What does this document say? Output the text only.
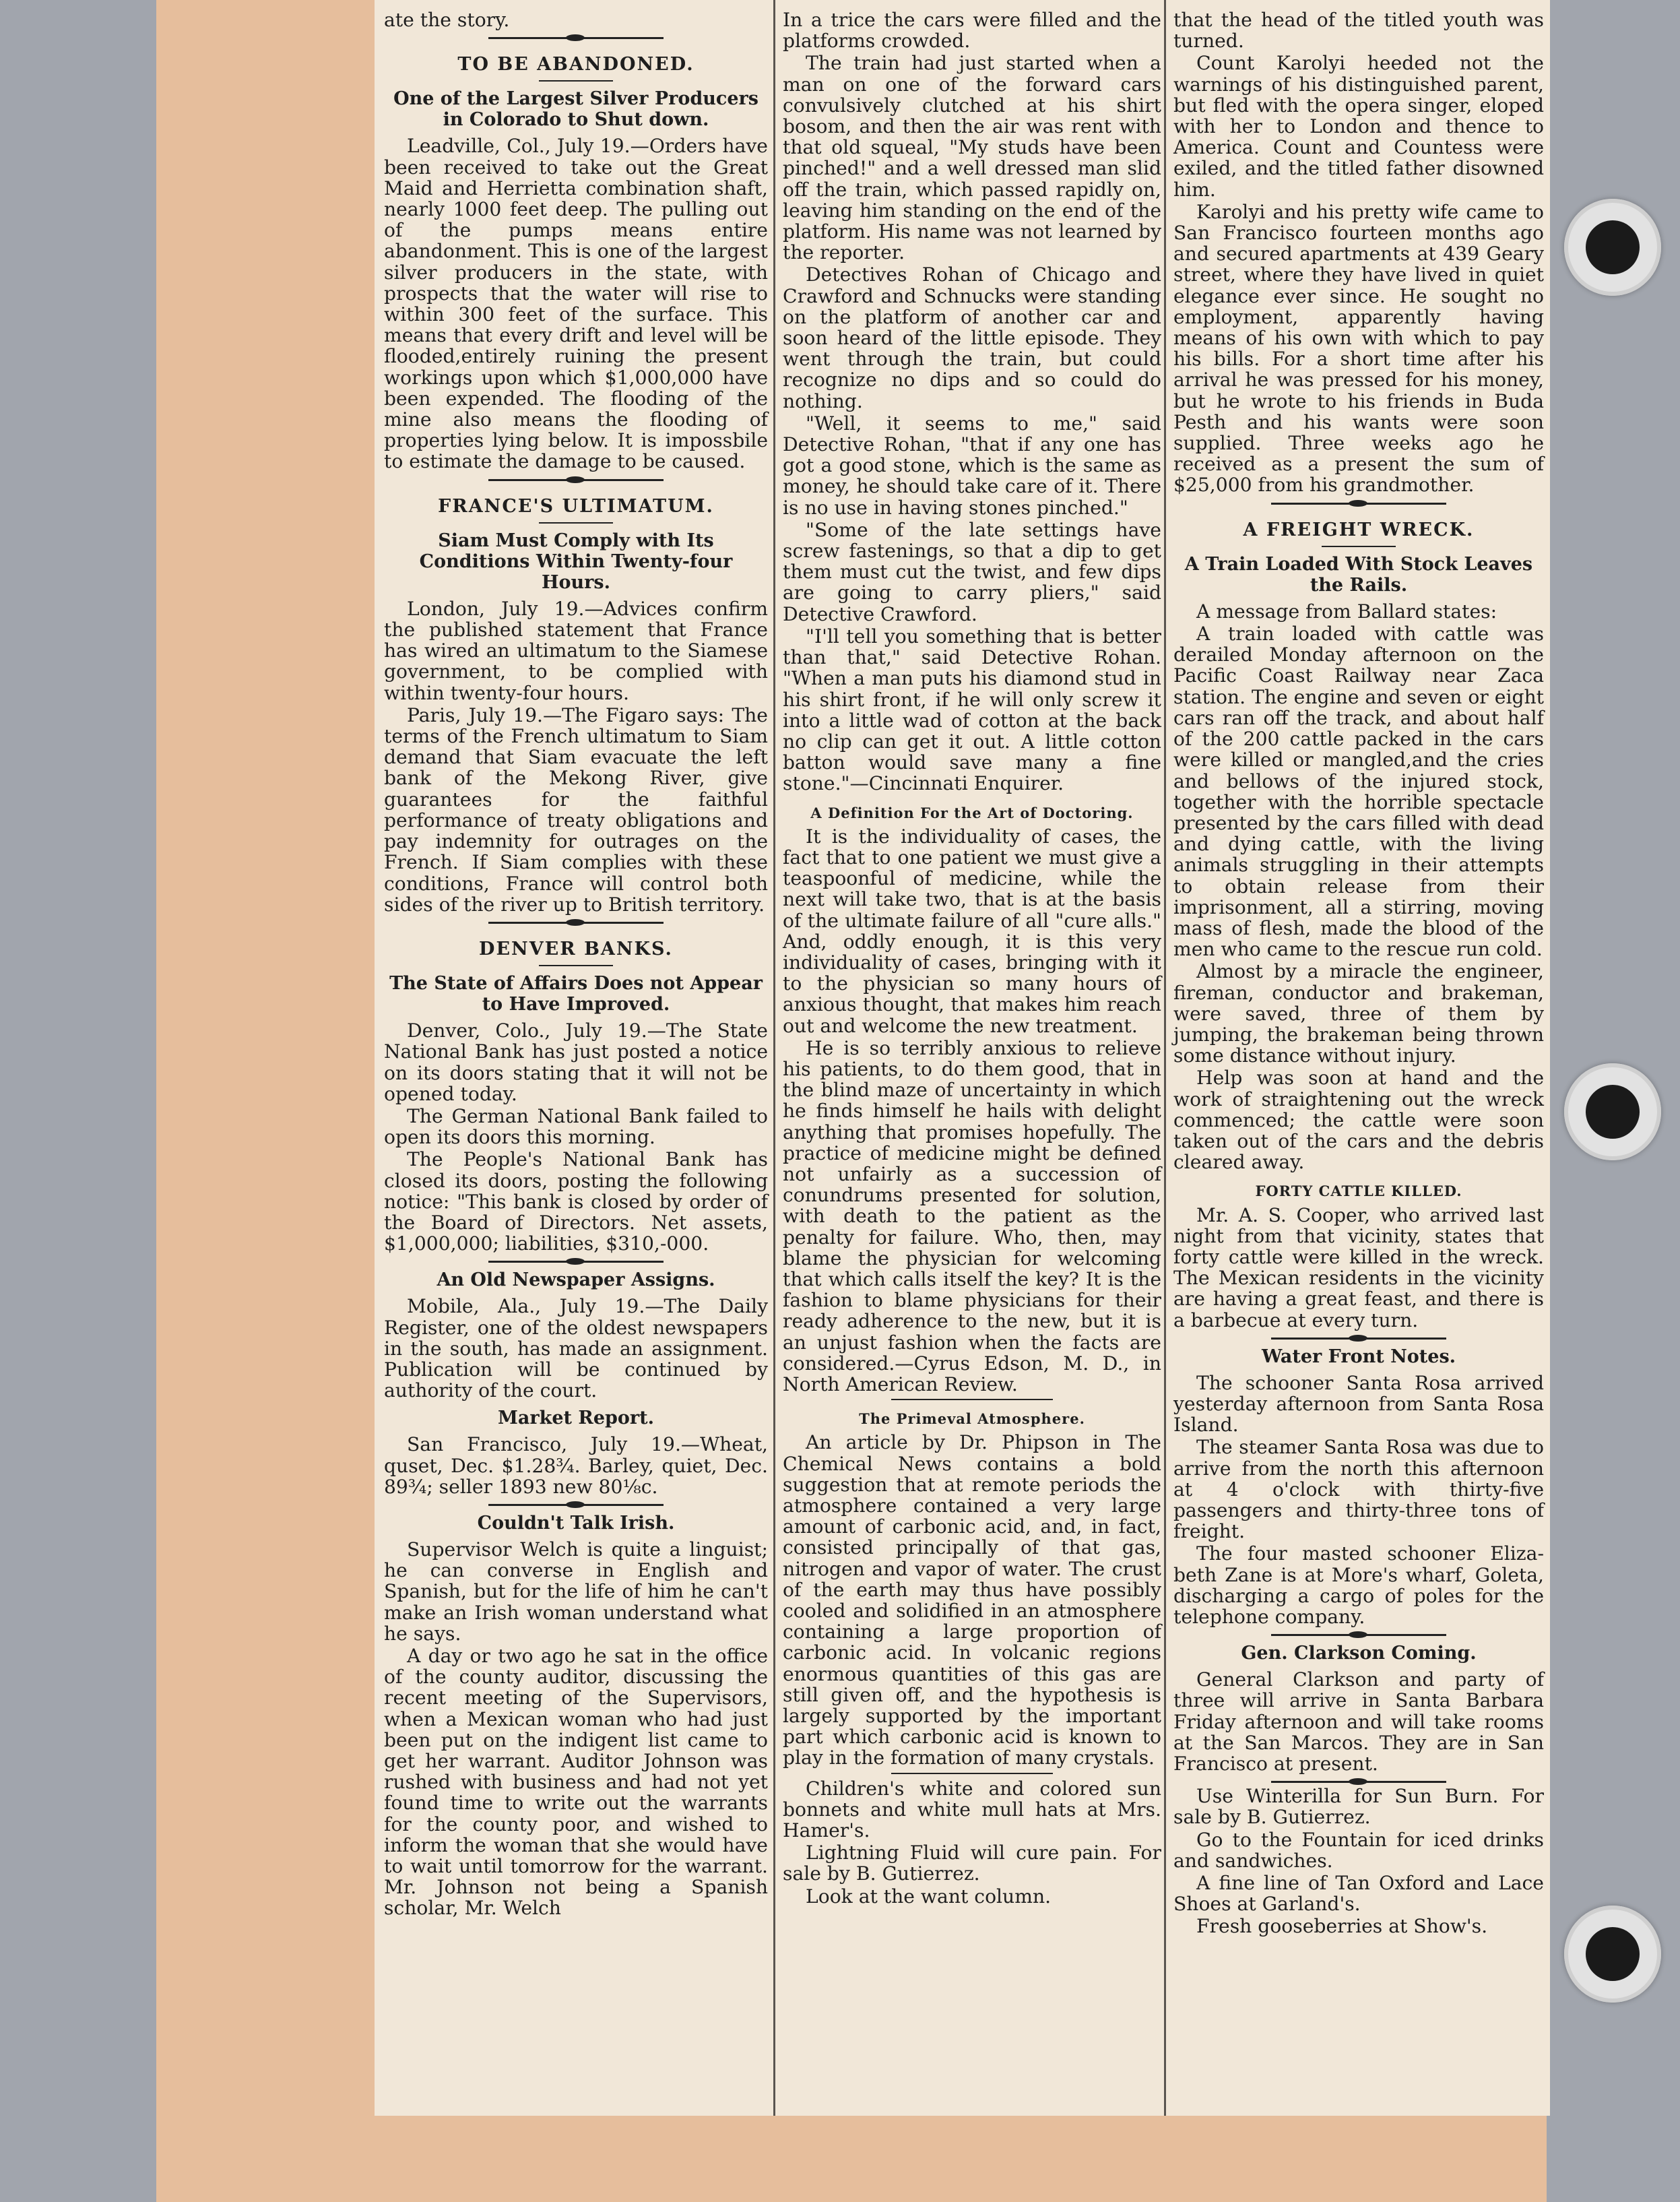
ate the story.

TO BE ABANDONED.
One of the Largest Silver Producers in Colorado to Shut down.

Leadville, Col., July 19.—Orders have been received to take out the Great Maid and Herrietta combination shaft, nearly 1000 feet deep. The pulling out of the pumps means entire abandonment. This is one of the largest silver producers in the state, with prospects that the water will rise to within 300 feet of the surface. This means that every drift and level will be flooded,entirely ruining the present workings upon which $1,000,000 have been expended. The flooding of the mine also means the flooding of properties lying below. It is impossbile to estimate the damage to be caused.

FRANCE'S ULTIMATUM.
Siam Must Comply with Its Conditions Within Twenty-four Hours.

London, July 19.—Advices confirm the published statement that France has wired an ultimatum to the Siamese government, to be complied with within twenty-four hours.

Paris, July 19.—The Figaro says: The terms of the French ultimatum to Siam demand that Siam evacuate the left bank of the Mekong River, give guarantees for the faithful performance of treaty obligations and pay indemnity for outrages on the French. If Siam complies with these conditions, France will control both sides of the river up to British territory.

DENVER BANKS.
The State of Affairs Does not Appear to Have Improved.

Denver, Colo., July 19.—The State National Bank has just posted a notice on its doors stating that it will not be opened today.

The German National Bank failed to open its doors this morning.

The People's National Bank has closed its doors, posting the following notice: "This bank is closed by order of the Board of Directors. Net assets, $1,000,000; liabilities, $310,-000.

An Old Newspaper Assigns.

Mobile, Ala., July 19.—The Daily Register, one of the oldest newspapers in the south, has made an assignment. Publication will be continued by authority of the court.

Market Report.

San Francisco, July 19.—Wheat, quset, Dec. $1.28¾. Barley, quiet, Dec. 89¾; seller 1893 new 80⅛c.

Couldn't Talk Irish.

Supervisor Welch is quite a linguist; he can converse in English and Spanish, but for the life of him he can't make an Irish woman understand what he says.

A day or two ago he sat in the office of the county auditor, discussing the recent meeting of the Supervisors, when a Mexican woman who had just been put on the indigent list came to get her warrant. Auditor Johnson was rushed with business and had not yet found time to write out the warrants for the county poor, and wished to inform the woman that she would have to wait until tomorrow for the warrant. Mr. Johnson not being a Spanish scholar, Mr. Welch

In a trice the cars were filled and the platforms crowded.

The train had just started when a man on one of the forward cars convulsively clutched at his shirt bosom, and then the air was rent with that old squeal, "My studs have been pinched!" and a well dressed man slid off the train, which passed rapidly on, leaving him standing on the end of the platform. His name was not learned by the reporter.

Detectives Rohan of Chicago and Crawford and Schnucks were standing on the platform of another car and soon heard of the little episode. They went through the train, but could recognize no dips and so could do nothing.

"Well, it seems to me," said Detective Rohan, "that if any one has got a good stone, which is the same as money, he should take care of it. There is no use in having stones pinched."

"Some of the late settings have screw fastenings, so that a dip to get them must cut the twist, and few dips are going to carry pliers," said Detective Crawford.

"I'll tell you something that is better than that," said Detective Rohan. "When a man puts his diamond stud in his shirt front, if he will only screw it into a little wad of cotton at the back no clip can get it out. A little cotton batton would save many a fine stone."—Cincinnati Enquirer.

A Definition For the Art of Doctoring.

It is the individuality of cases, the fact that to one patient we must give a teaspoonful of medicine, while the next will take two, that is at the basis of the ultimate failure of all "cure alls." And, oddly enough, it is this very individuality of cases, bringing with it to the physician so many hours of anxious thought, that makes him reach out and welcome the new treatment.

He is so terribly anxious to relieve his patients, to do them good, that in the blind maze of uncertainty in which he finds himself he hails with delight anything that promises hopefully. The practice of medicine might be defined not unfairly as a succession of conundrums presented for solution, with death to the patient as the penalty for failure. Who, then, may blame the physician for welcoming that which calls itself the key? It is the fashion to blame physicians for their ready adherence to the new, but it is an unjust fashion when the facts are considered.—Cyrus Edson, M. D., in North American Review.

The Primeval Atmosphere.

An article by Dr. Phipson in The Chemical News contains a bold suggestion that at remote periods the atmosphere contained a very large amount of carbonic acid, and, in fact, consisted principally of that gas, nitrogen and vapor of water. The crust of the earth may thus have possibly cooled and solidified in an atmosphere containing a large proportion of carbonic acid. In volcanic regions enormous quantities of this gas are still given off, and the hypothesis is largely supported by the important part which carbonic acid is known to play in the formation of many crystals.

Children's white and colored sun bonnets and white mull hats at Mrs. Hamer's.

Lightning Fluid will cure pain. For sale by B. Gutierrez.

Look at the want column.

that the head of the titled youth was turned.

Count Karolyi heeded not the warnings of his distinguished parent, but fled with the opera singer, eloped with her to London and thence to America. Count and Countess were exiled, and the titled father disowned him.

Karolyi and his pretty wife came to San Francisco fourteen months ago and secured apartments at 439 Geary street, where they have lived in quiet elegance ever since. He sought no employment, apparently having means of his own with which to pay his bills. For a short time after his arrival he was pressed for his money, but he wrote to his friends in Buda Pesth and his wants were soon supplied. Three weeks ago he received as a present the sum of $25,000 from his grandmother.

A FREIGHT WRECK.
A Train Loaded With Stock Leaves the Rails.

A message from Ballard states:

A train loaded with cattle was derailed Monday afternoon on the Pacific Coast Railway near Zaca station. The engine and seven or eight cars ran off the track, and about half of the 200 cattle packed in the cars were killed or mangled,and the cries and bellows of the injured stock, together with the horrible spectacle presented by the cars filled with dead and dying cattle, with the living animals struggling in their attempts to obtain release from their imprisonment, all a stirring, moving mass of flesh, made the blood of the men who came to the rescue run cold.

Almost by a miracle the engineer, fireman, conductor and brakeman, were saved, three of them by jumping, the brakeman being thrown some distance without injury.

Help was soon at hand and the work of straightening out the wreck commenced; the cattle were soon taken out of the cars and the debris cleared away.

FORTY CATTLE KILLED.

Mr. A. S. Cooper, who arrived last night from that vicinity, states that forty cattle were killed in the wreck. The Mexican residents in the vicinity are having a great feast, and there is a barbecue at every turn.

Water Front Notes.

The schooner Santa Rosa arrived yesterday afternoon from Santa Rosa Island.

The steamer Santa Rosa was due to arrive from the north this afternoon at 4 o'clock with thirty-five passengers and thirty-three tons of freight.

The four masted schooner Eliza-beth Zane is at More's wharf, Goleta, discharging a cargo of poles for the telephone company.

Gen. Clarkson Coming.

General Clarkson and party of three will arrive in Santa Barbara Friday afternoon and will take rooms at the San Marcos. They are in San Francisco at present.

Use Winterilla for Sun Burn. For sale by B. Gutierrez.

Go to the Fountain for iced drinks and sandwiches.

A fine line of Tan Oxford and Lace Shoes at Garland's.

Fresh gooseberries at Show's.
